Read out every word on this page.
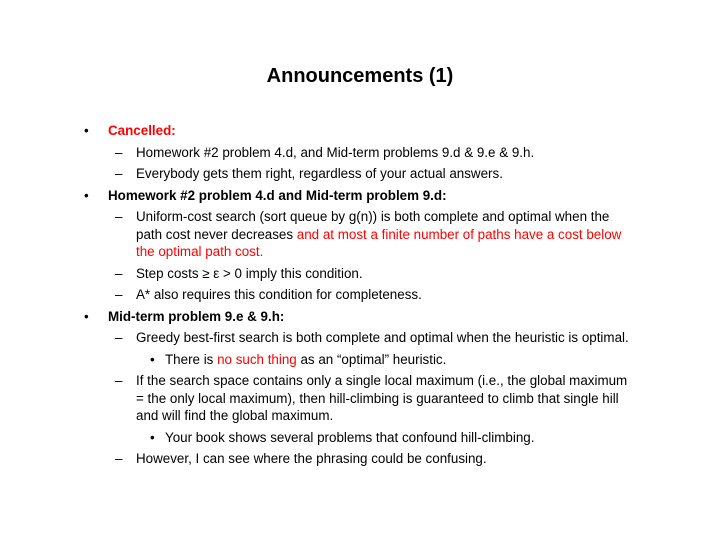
Announcements (1)
• Cancelled:
– Homework #2 problem 4.d, and Mid-term problems 9.d & 9.e & 9.h.
– Everybody gets them right, regardless of your actual answers.
• Homework #2 problem 4.d and Mid-term problem 9.d:
– Uniform-cost search (sort queue by g(n)) is both complete and optimal when the path cost never decreases and at most a finite number of paths have a cost below the optimal path cost.
– Step costs ≥ ε > 0 imply this condition.
– A* also requires this condition for completeness.
• Mid-term problem 9.e & 9.h:
– Greedy best-first search is both complete and optimal when the heuristic is optimal.
• There is no such thing as an “optimal” heuristic.
– If the search space contains only a single local maximum (i.e., the global maximum = the only local maximum), then hill-climbing is guaranteed to climb that single hill and will find the global maximum.
• Your book shows several problems that confound hill-climbing.
– However, I can see where the phrasing could be confusing.
